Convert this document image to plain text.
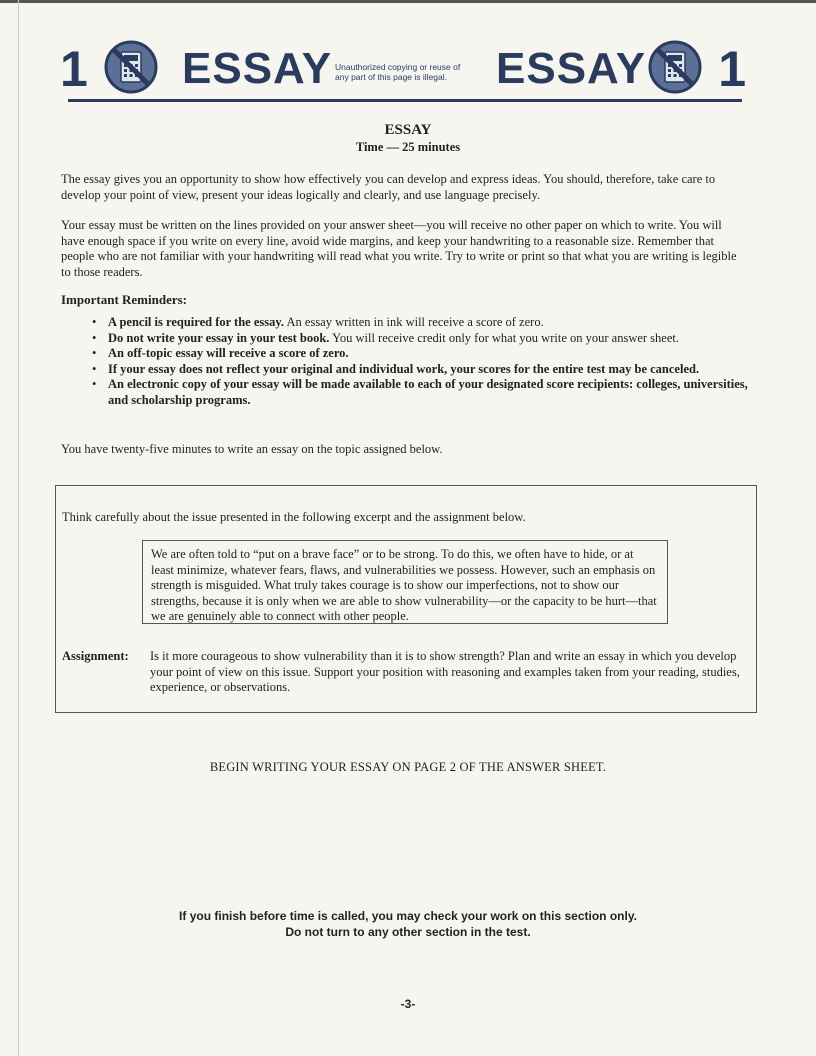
1 ESSAY Unauthorized copying or reuse of
any part of this page is illegal.	ESSAY 1
ESSAY
Time — 25 minutes

The essay gives you an opportunity to show how effectively you can develop and express ideas. You should, therefore, take care to develop your point of view, present your ideas logically and clearly, and use language precisely.

Your essay must be written on the lines provided on your answer sheet—you will receive no other paper on which to write. You will have enough space if you write on every line, avoid wide margins, and keep your handwriting to a reasonable size. Remember that people who are not familiar with your handwriting will read what you write. Try to write or print so that what you are writing is legible to those readers.

Important Reminders:

• A pencil is required for the essay. An essay written in ink will receive a score of zero.
• Do not write your essay in your test book. You will receive credit only for what you write on your answer sheet.
• An off-topic essay will receive a score of zero.
• If your essay does not reflect your original and individual work, your scores for the entire test may be canceled.
• An electronic copy of your essay will be made available to each of your designated score recipients: colleges, universities, and scholarship programs.

You have twenty-five minutes to write an essay on the topic assigned below.

Think carefully about the issue presented in the following excerpt and the assignment below.

We are often told to “put on a brave face” or to be strong. To do this, we often have to hide, or at least minimize, whatever fears, flaws, and vulnerabilities we possess. However, such an emphasis on strength is misguided. What truly takes courage is to show our imperfections, not to show our strengths, because it is only when we are able to show vulnerability—or the capacity to be hurt—that we are genuinely able to connect with other people.

Assignment: Is it more courageous to show vulnerability than it is to show strength? Plan and write an essay in which you develop your point of view on this issue. Support your position with reasoning and examples taken from your reading, studies, experience, or observations.

BEGIN WRITING YOUR ESSAY ON PAGE 2 OF THE ANSWER SHEET.
If you finish before time is called, you may check your work on this section only.
Do not turn to any other section in the test.
-3-
